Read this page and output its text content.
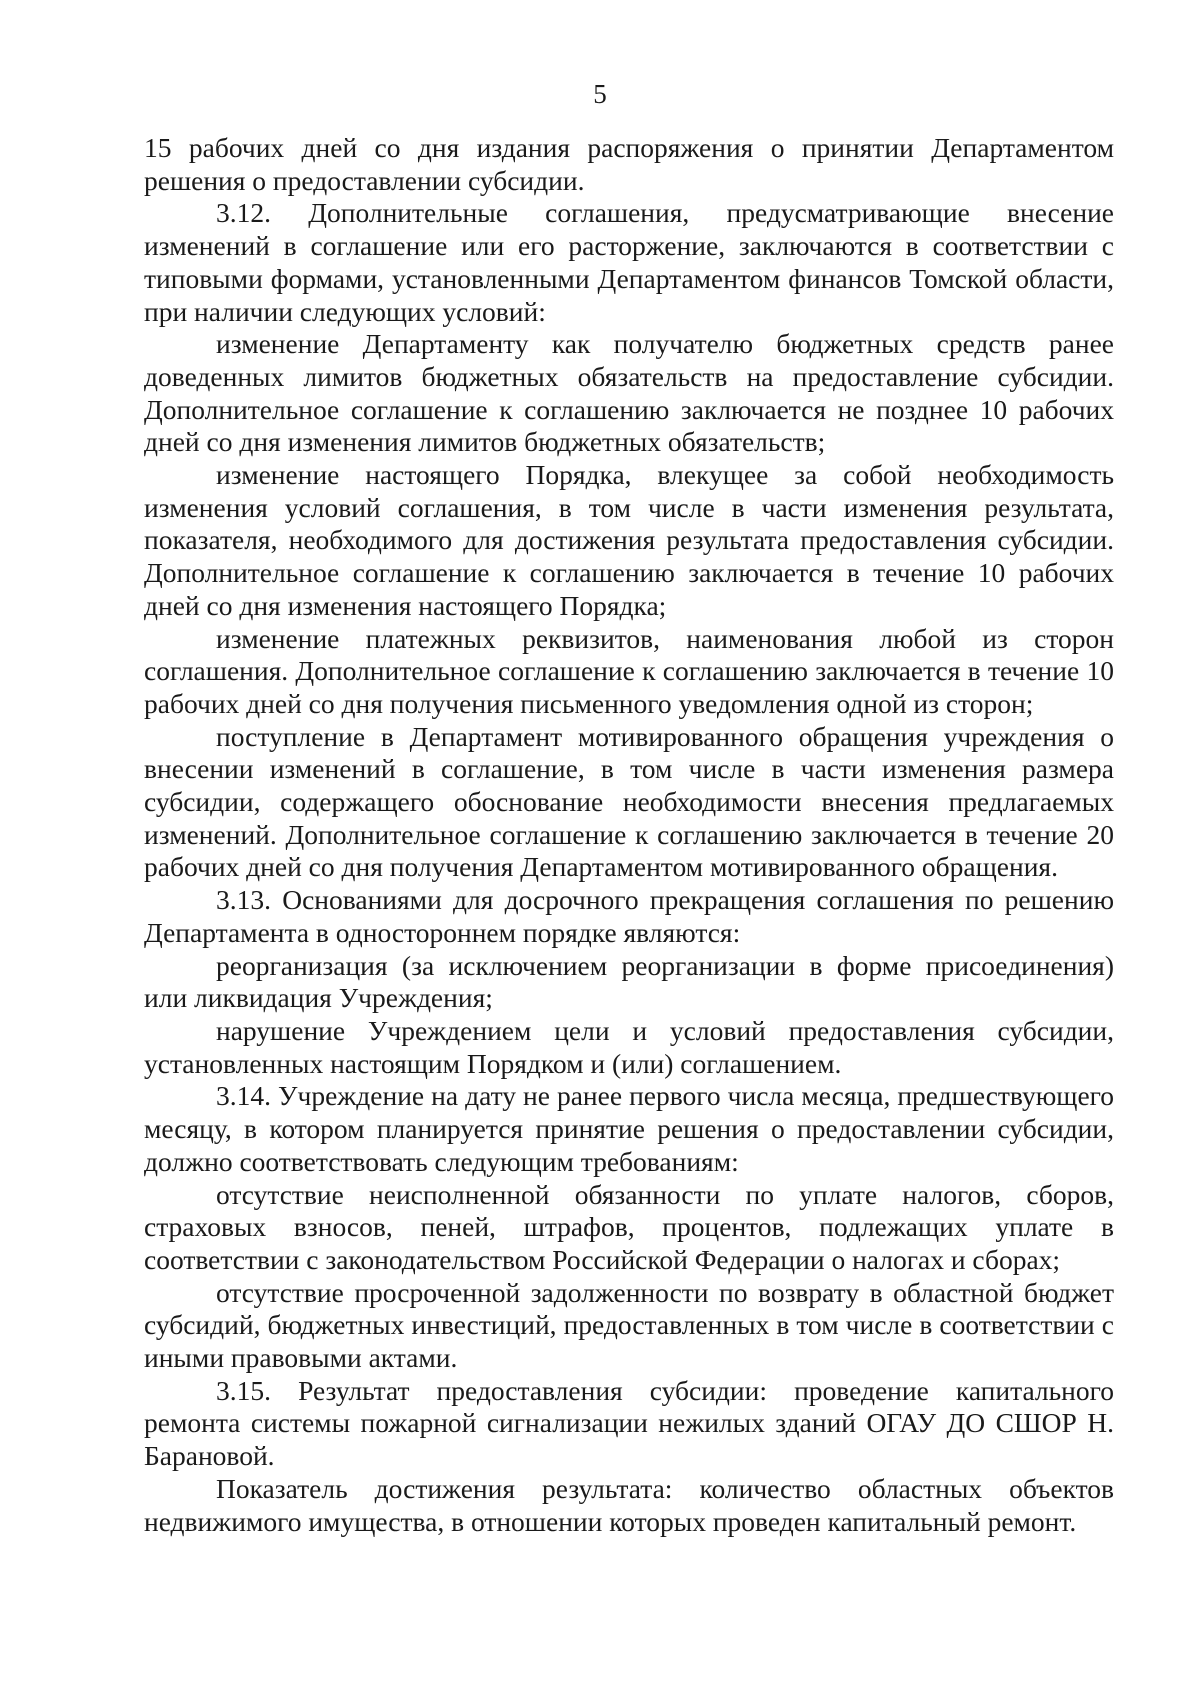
5

15 рабочих дней со дня издания распоряжения о принятии Департаментом решения о предоставлении субсидии.

3.12. Дополнительные соглашения, предусматривающие внесение изменений в соглашение или его расторжение, заключаются в соответствии с типовыми формами, установленными Департаментом финансов Томской области, при наличии следующих условий:

изменение Департаменту как получателю бюджетных средств ранее доведенных лимитов бюджетных обязательств на предоставление субсидии. Дополнительное соглашение к соглашению заключается не позднее 10 рабочих дней со дня изменения лимитов бюджетных обязательств;

изменение настоящего Порядка, влекущее за собой необходимость изменения условий соглашения, в том числе в части изменения результата, показателя, необходимого для достижения результата предоставления субсидии. Дополнительное соглашение к соглашению заключается в течение 10 рабочих дней со дня изменения настоящего Порядка;

изменение платежных реквизитов, наименования любой из сторон соглашения. Дополнительное соглашение к соглашению заключается в течение 10 рабочих дней со дня получения письменного уведомления одной из сторон;

поступление в Департамент мотивированного обращения учреждения о внесении изменений в соглашение, в том числе в части изменения размера субсидии, содержащего обоснование необходимости внесения предлагаемых изменений. Дополнительное соглашение к соглашению заключается в течение 20 рабочих дней со дня получения Департаментом мотивированного обращения.

3.13. Основаниями для досрочного прекращения соглашения по решению Департамента в одностороннем порядке являются:

реорганизация (за исключением реорганизации в форме присоединения) или ликвидация Учреждения;

нарушение Учреждением цели и условий предоставления субсидии, установленных настоящим Порядком и (или) соглашением.

3.14. Учреждение на дату не ранее первого числа месяца, предшествующего месяцу, в котором планируется принятие решения о предоставлении субсидии, должно соответствовать следующим требованиям:

отсутствие неисполненной обязанности по уплате налогов, сборов, страховых взносов, пеней, штрафов, процентов, подлежащих уплате в соответствии с законодательством Российской Федерации о налогах и сборах;

отсутствие просроченной задолженности по возврату в областной бюджет субсидий, бюджетных инвестиций, предоставленных в том числе в соответствии с иными правовыми актами.

3.15. Результат предоставления субсидии: проведение капитального ремонта системы пожарной сигнализации нежилых зданий ОГАУ ДО СШОР Н. Барановой.

Показатель достижения результата: количество областных объектов недвижимого имущества, в отношении которых проведен капитальный ремонт.
